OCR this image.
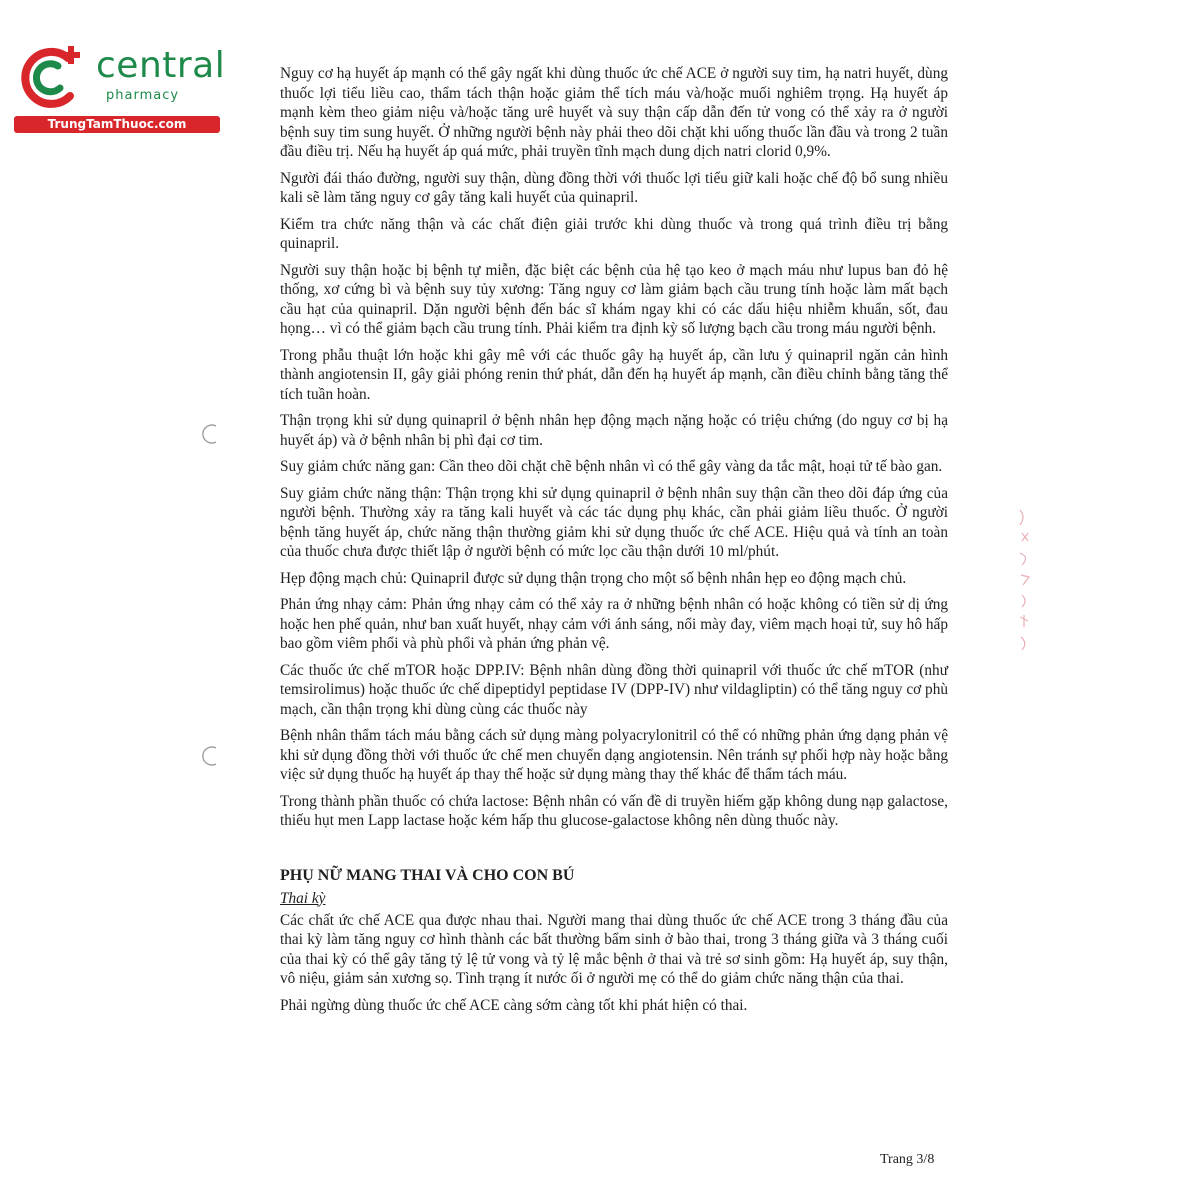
central
pharmacy
TrungTamThuoc.com

Nguy cơ hạ huyết áp mạnh có thể gây ngất khi dùng thuốc ức chế ACE ở người suy tim, hạ natri huyết, dùng thuốc lợi tiểu liều cao, thẩm tách thận hoặc giảm thể tích máu và/hoặc muối nghiêm trọng. Hạ huyết áp mạnh kèm theo giảm niệu và/hoặc tăng urê huyết và suy thận cấp dẫn đến tử vong có thể xảy ra ở người bệnh suy tim sung huyết. Ở những người bệnh này phải theo dõi chặt khi uống thuốc lần đầu và trong 2 tuần đầu điều trị. Nếu hạ huyết áp quá mức, phải truyền tĩnh mạch dung dịch natri clorid 0,9%.

Người đái tháo đường, người suy thận, dùng đồng thời với thuốc lợi tiểu giữ kali hoặc chế độ bổ sung nhiều kali sẽ làm tăng nguy cơ gây tăng kali huyết của quinapril.

Kiểm tra chức năng thận và các chất điện giải trước khi dùng thuốc và trong quá trình điều trị bằng quinapril.

Người suy thận hoặc bị bệnh tự miễn, đặc biệt các bệnh của hệ tạo keo ở mạch máu như lupus ban đỏ hệ thống, xơ cứng bì và bệnh suy tủy xương: Tăng nguy cơ làm giảm bạch cầu trung tính hoặc làm mất bạch cầu hạt của quinapril. Dặn người bệnh đến bác sĩ khám ngay khi có các dấu hiệu nhiễm khuẩn, sốt, đau họng… vì có thể giảm bạch cầu trung tính. Phải kiểm tra định kỳ số lượng bạch cầu trong máu người bệnh.

Trong phẫu thuật lớn hoặc khi gây mê với các thuốc gây hạ huyết áp, cần lưu ý quinapril ngăn cản hình thành angiotensin II, gây giải phóng renin thứ phát, dẫn đến hạ huyết áp mạnh, cần điều chỉnh bằng tăng thể tích tuần hoàn.

Thận trọng khi sử dụng quinapril ở bệnh nhân hẹp động mạch nặng hoặc có triệu chứng (do nguy cơ bị hạ huyết áp) và ở bệnh nhân bị phì đại cơ tim.

Suy giảm chức năng gan: Cần theo dõi chặt chẽ bệnh nhân vì có thể gây vàng da tắc mật, hoại tử tế bào gan.

Suy giảm chức năng thận: Thận trọng khi sử dụng quinapril ở bệnh nhân suy thận cần theo dõi đáp ứng của người bệnh. Thường xảy ra tăng kali huyết và các tác dụng phụ khác, cần phải giảm liều thuốc. Ở người bệnh tăng huyết áp, chức năng thận thường giảm khi sử dụng thuốc ức chế ACE. Hiệu quả và tính an toàn của thuốc chưa được thiết lập ở người bệnh có mức lọc cầu thận dưới 10 ml/phút.

Hẹp động mạch chủ: Quinapril được sử dụng thận trọng cho một số bệnh nhân hẹp eo động mạch chủ.

Phản ứng nhạy cảm: Phản ứng nhạy cảm có thể xảy ra ở những bệnh nhân có hoặc không có tiền sử dị ứng hoặc hen phế quản, như ban xuất huyết, nhạy cảm với ánh sáng, nổi mày đay, viêm mạch hoại tử, suy hô hấp bao gồm viêm phổi và phù phổi và phản ứng phản vệ.

Các thuốc ức chế mTOR hoặc DPP.IV: Bệnh nhân dùng đồng thời quinapril với thuốc ức chế mTOR (như temsirolimus) hoặc thuốc ức chế dipeptidyl peptidase IV (DPP-IV) như vildagliptin) có thể tăng nguy cơ phù mạch, cần thận trọng khi dùng cùng các thuốc này

Bệnh nhân thẩm tách máu bằng cách sử dụng màng polyacrylonitril có thể có những phản ứng dạng phản vệ khi sử dụng đồng thời với thuốc ức chế men chuyển dạng angiotensin. Nên tránh sự phối hợp này hoặc bằng việc sử dụng thuốc hạ huyết áp thay thế hoặc sử dụng màng thay thế khác để thẩm tách máu.

Trong thành phần thuốc có chứa lactose: Bệnh nhân có vấn đề di truyền hiếm gặp không dung nạp galactose, thiếu hụt men Lapp lactase hoặc kém hấp thu glucose-galactose không nên dùng thuốc này.

PHỤ NỮ MANG THAI VÀ CHO CON BÚ
Thai kỳ

Các chất ức chế ACE qua được nhau thai. Người mang thai dùng thuốc ức chế ACE trong 3 tháng đầu của thai kỳ làm tăng nguy cơ hình thành các bất thường bẩm sinh ở bào thai, trong 3 tháng giữa và 3 tháng cuối của thai kỳ có thể gây tăng tỷ lệ tử vong và tỷ lệ mắc bệnh ở thai và trẻ sơ sinh gồm: Hạ huyết áp, suy thận, vô niệu, giảm sản xương sọ. Tình trạng ít nước ối ở người mẹ có thể do giảm chức năng thận của thai.

Phải ngừng dùng thuốc ức chế ACE càng sớm càng tốt khi phát hiện có thai.

Trang 3/8
